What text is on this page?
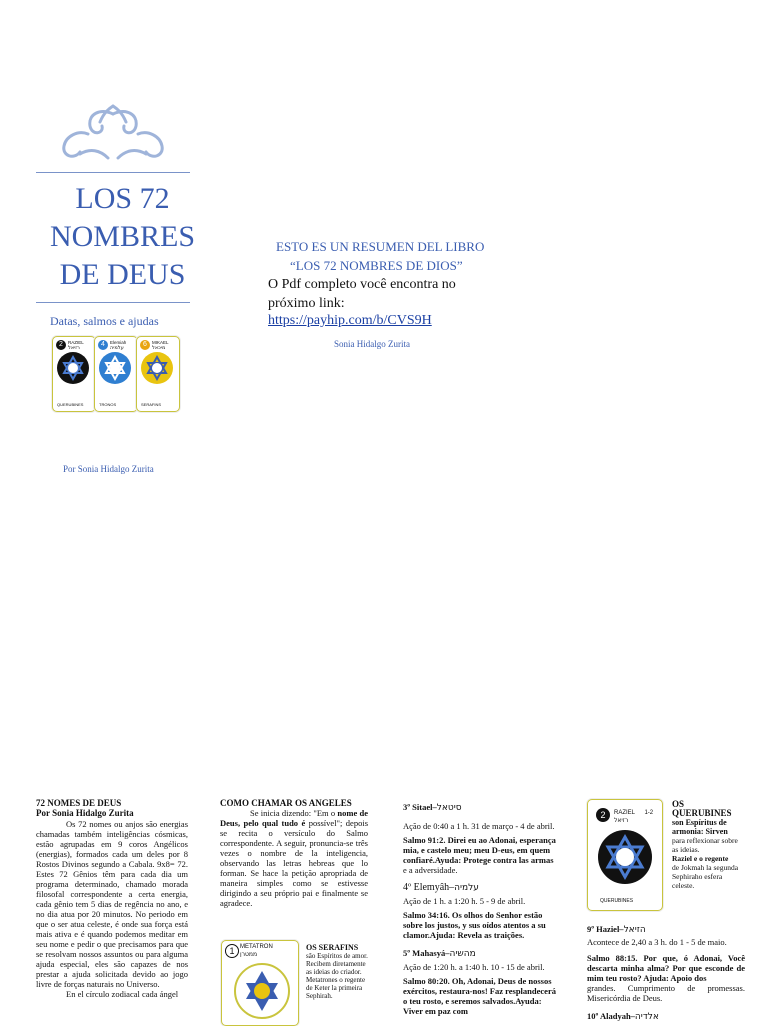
LOS 72
NOMBRES
DE DEUS
Datas, salmos e ajudas
2	RAZIEL
רזיאל
QUERUBINES
4	Elemiah
עלמיה
TRONOS
6	MIKAEL
מיכאל
SERAFINS
Por Sonia Hidalgo Zurita
ESTO ES UN RESUMEN DEL LIBRO
“LOS 72 NOMBRES DE DIOS”
O Pdf completo você encontra no próximo link:
https://payhip.com/b/CVS9H
Sonia Hidalgo Zurita
72 NOMES DE DEUS
Por Sonia Hidalgo Zurita
Os 72 nomes ou anjos são energias chamadas também inteligências cósmicas, estão agrupadas em 9 coros Angélicos (energias), formados cada um deles por 8 Rostos Divinos segundo a Cabala. 9x8= 72. Estes 72 Gênios têm para cada dia um programa determinado, chamado morada filosofal correspondente a certa energia, cada gênio tem 5 dias de regência no ano, e no dia atua por 20 minutos. No periodo em que o ser atua celeste, é onde sua força está mais ativa e é quando podemos meditar em seu nome e pedir o que precisamos para que se resolvam nossos assuntos ou para alguma ajuda especial, eles são capazes de nos prestar a ajuda solicitada devido ao jogo livre de forças naturais no Universo.
En el círculo zodiacal cada ángel
COMO CHAMAR OS ANGELES
Se inicia dizendo: "Em o nome de Deus, pelo qual tudo é possível"; depois se recita o versículo do Salmo correspondente. A seguir, pronuncia-se três vezes o nombre de la inteligencia, observando las letras hebreas que lo forman. Se hace la petição apropriada de maneira simples como se estivesse dirigindo a seu próprio pai e finalmente se agradece.
1 METATRON
ממטרן
OS SERAFINS
são Espíritos de amor. Recibem diretamente as ideias do criador. Metatrones o regente de Keter la primeira Sephirah.

3º Sitael–סיטאל

Ação de 0:40 a 1 h. 31 de março - 4 de abril.

Salmo 91:2. Direi eu ao Adonai, esperança mia, e castelo meu; meu D-eus, em quem confiaré.Ayuda: Protege contra las armas

e a adversidade.

4º Elemyâh–עלמיה

Ação de 1 h. a 1:20 h. 5 - 9 de abril.

Salmo 34:16. Os olhos do Senhor estão sobre los justos, y sus oídos atentos a su clamor.Ajuda: Revela as traições.

5º Mahasyá–מהשיה

Ação de 1:20 h. a 1:40 h. 10 - 15 de abril.

Salmo 80:20. Oh, Adonai, Deus de nossos exércitos, restaura-nos! Faz resplandecerá o teu rosto, e seremos salvados.Ayuda: Viver em paz com

2	RAZIEL 1-2
רזיאל
QUERUBINES
OS
QUERUBINES
son Espíritus de armonia: Sirven
para reflexionar sobre as ideias.
Raziel e o regente
de Jokmah la segunda Sephiraho esfera celeste.

9º Haziel–הזיאל

Acontece de 2,40 a 3 h. do 1 - 5 de maio.

Salmo 88:15. Por que, ó Adonai, Você descarta minha alma? Por que esconde de mim teu rosto? Ajuda: Apoio dos

grandes. Cumprimento de promessas. Misericórdia de Deus.

10º Aladyah–אלדיה
